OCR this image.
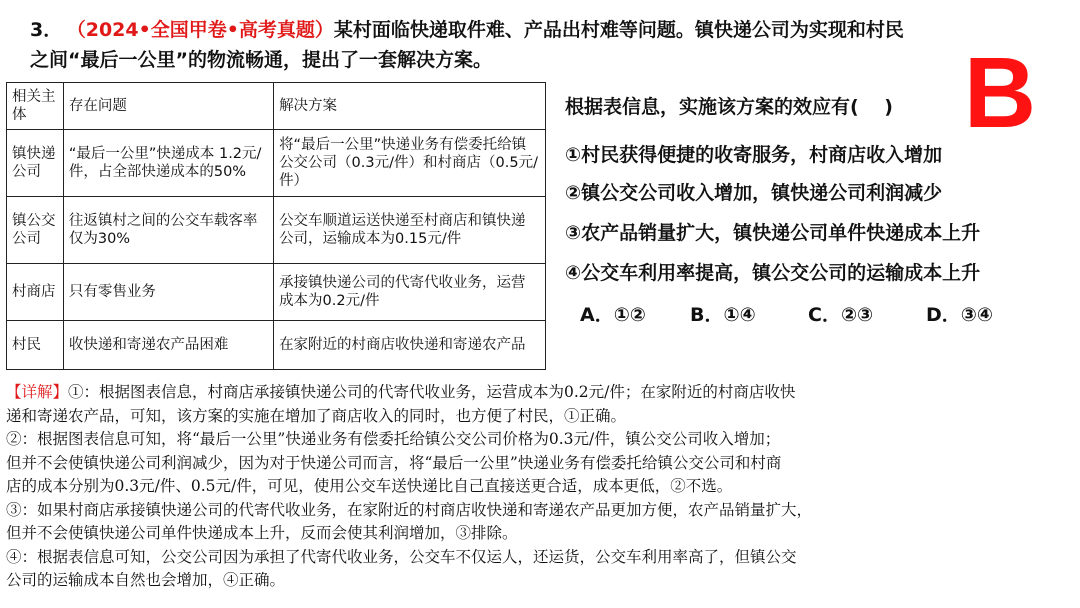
3． （2024•全国甲卷•高考真题）某村面临快递取件难、产品出村难等问题。镇快递公司为实现和村民
之间“最后一公里”的物流畅通，提出了一套解决方案。
相关主体	存在问题	解决方案
镇快递公司	“最后一公里”快递成本 1.2元/件，占全部快递成本的50%	将“最后一公里”快递业务有偿委托给镇公交公司（0.3元/件）和村商店（0.5元/件）
镇公交公司	往返镇村之间的公交车载客率仅为30%	公交车顺道运送快递至村商店和镇快递公司，运输成本为0.15元/件
村商店	只有零售业务	承接镇快递公司的代寄代收业务，运营成本为0.2元/件
村民	收快递和寄递农产品困难	在家附近的村商店收快递和寄递农产品
B
根据表信息，实施该方案的效应有(　 )
①村民获得便捷的收寄服务，村商店收入增加
②镇公交公司收入增加，镇快递公司利润减少
③农产品销量扩大，镇快递公司单件快递成本上升
④公交车利用率提高，镇公交公司的运输成本上升
A．①②	B．①④	C．②③	D．③④

【详解】①：根据图表信息，村商店承接镇快递公司的代寄代收业务，运营成本为0.2元/件；在家附近的村商店收快

递和寄递农产品，可知，该方案的实施在增加了商店收入的同时，也方便了村民，①正确。

②：根据图表信息可知，将“最后一公里”快递业务有偿委托给镇公交公司价格为0.3元/件，镇公交公司收入增加；

但并不会使镇快递公司利润减少，因为对于快递公司而言，将“最后一公里”快递业务有偿委托给镇公交公司和村商

店的成本分别为0.3元/件、0.5元/件，可见，使用公交车送快递比自己直接送更合适，成本更低，②不选。

③：如果村商店承接镇快递公司的代寄代收业务，在家附近的村商店收快递和寄递农产品更加方便，农产品销量扩大，

但并不会使镇快递公司单件快递成本上升，反而会使其利润增加，③排除。

④：根据表信息可知，公交公司因为承担了代寄代收业务，公交车不仅运人，还运货，公交车利用率高了，但镇公交

公司的运输成本自然也会增加，④正确。
